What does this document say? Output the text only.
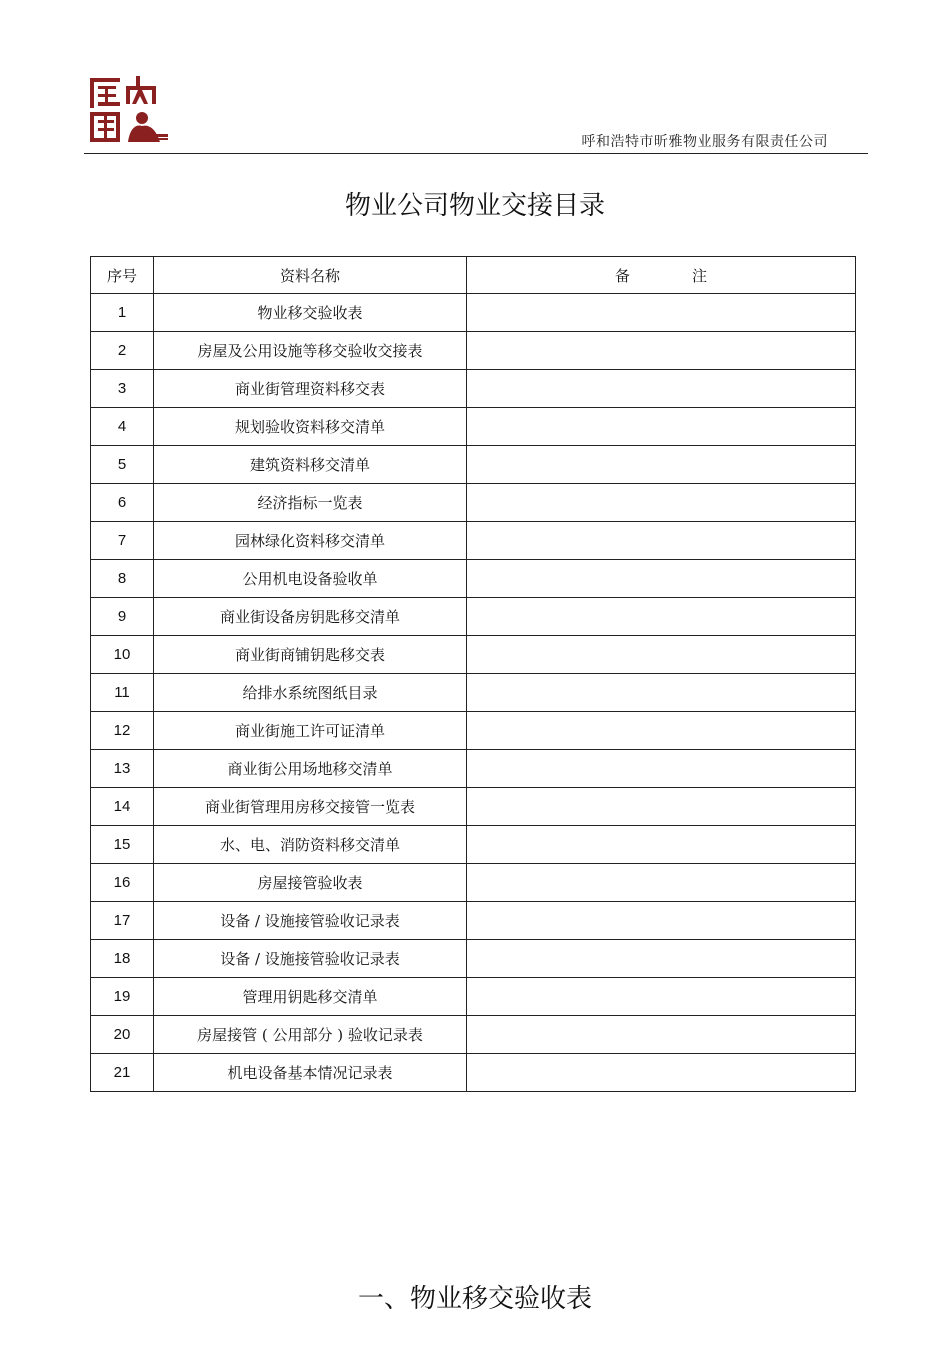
呼和浩特市昕雅物业服务有限责任公司
物业公司物业交接目录
序号	资料名称	备 注
1	物业移交验收表	
2	房屋及公用设施等移交验收交接表	
3	商业街管理资料移交表	
4	规划验收资料移交清单	
5	建筑资料移交清单	
6	经济指标一览表	
7	园林绿化资料移交清单	
8	公用机电设备验收单	
9	商业街设备房钥匙移交清单	
10	商业街商铺钥匙移交表	
11	给排水系统图纸目录	
12	商业街施工许可证清单	
13	商业街公用场地移交清单	
14	商业街管理用房移交接管一览表	
15	水、电、消防资料移交清单	
16	房屋接管验收表	
17	设备 / 设施接管验收记录表	
18	设备 / 设施接管验收记录表	
19	管理用钥匙移交清单	
20	房屋接管 ( 公用部分 ) 验收记录表	
21	机电设备基本情况记录表	
一、物业移交验收表
